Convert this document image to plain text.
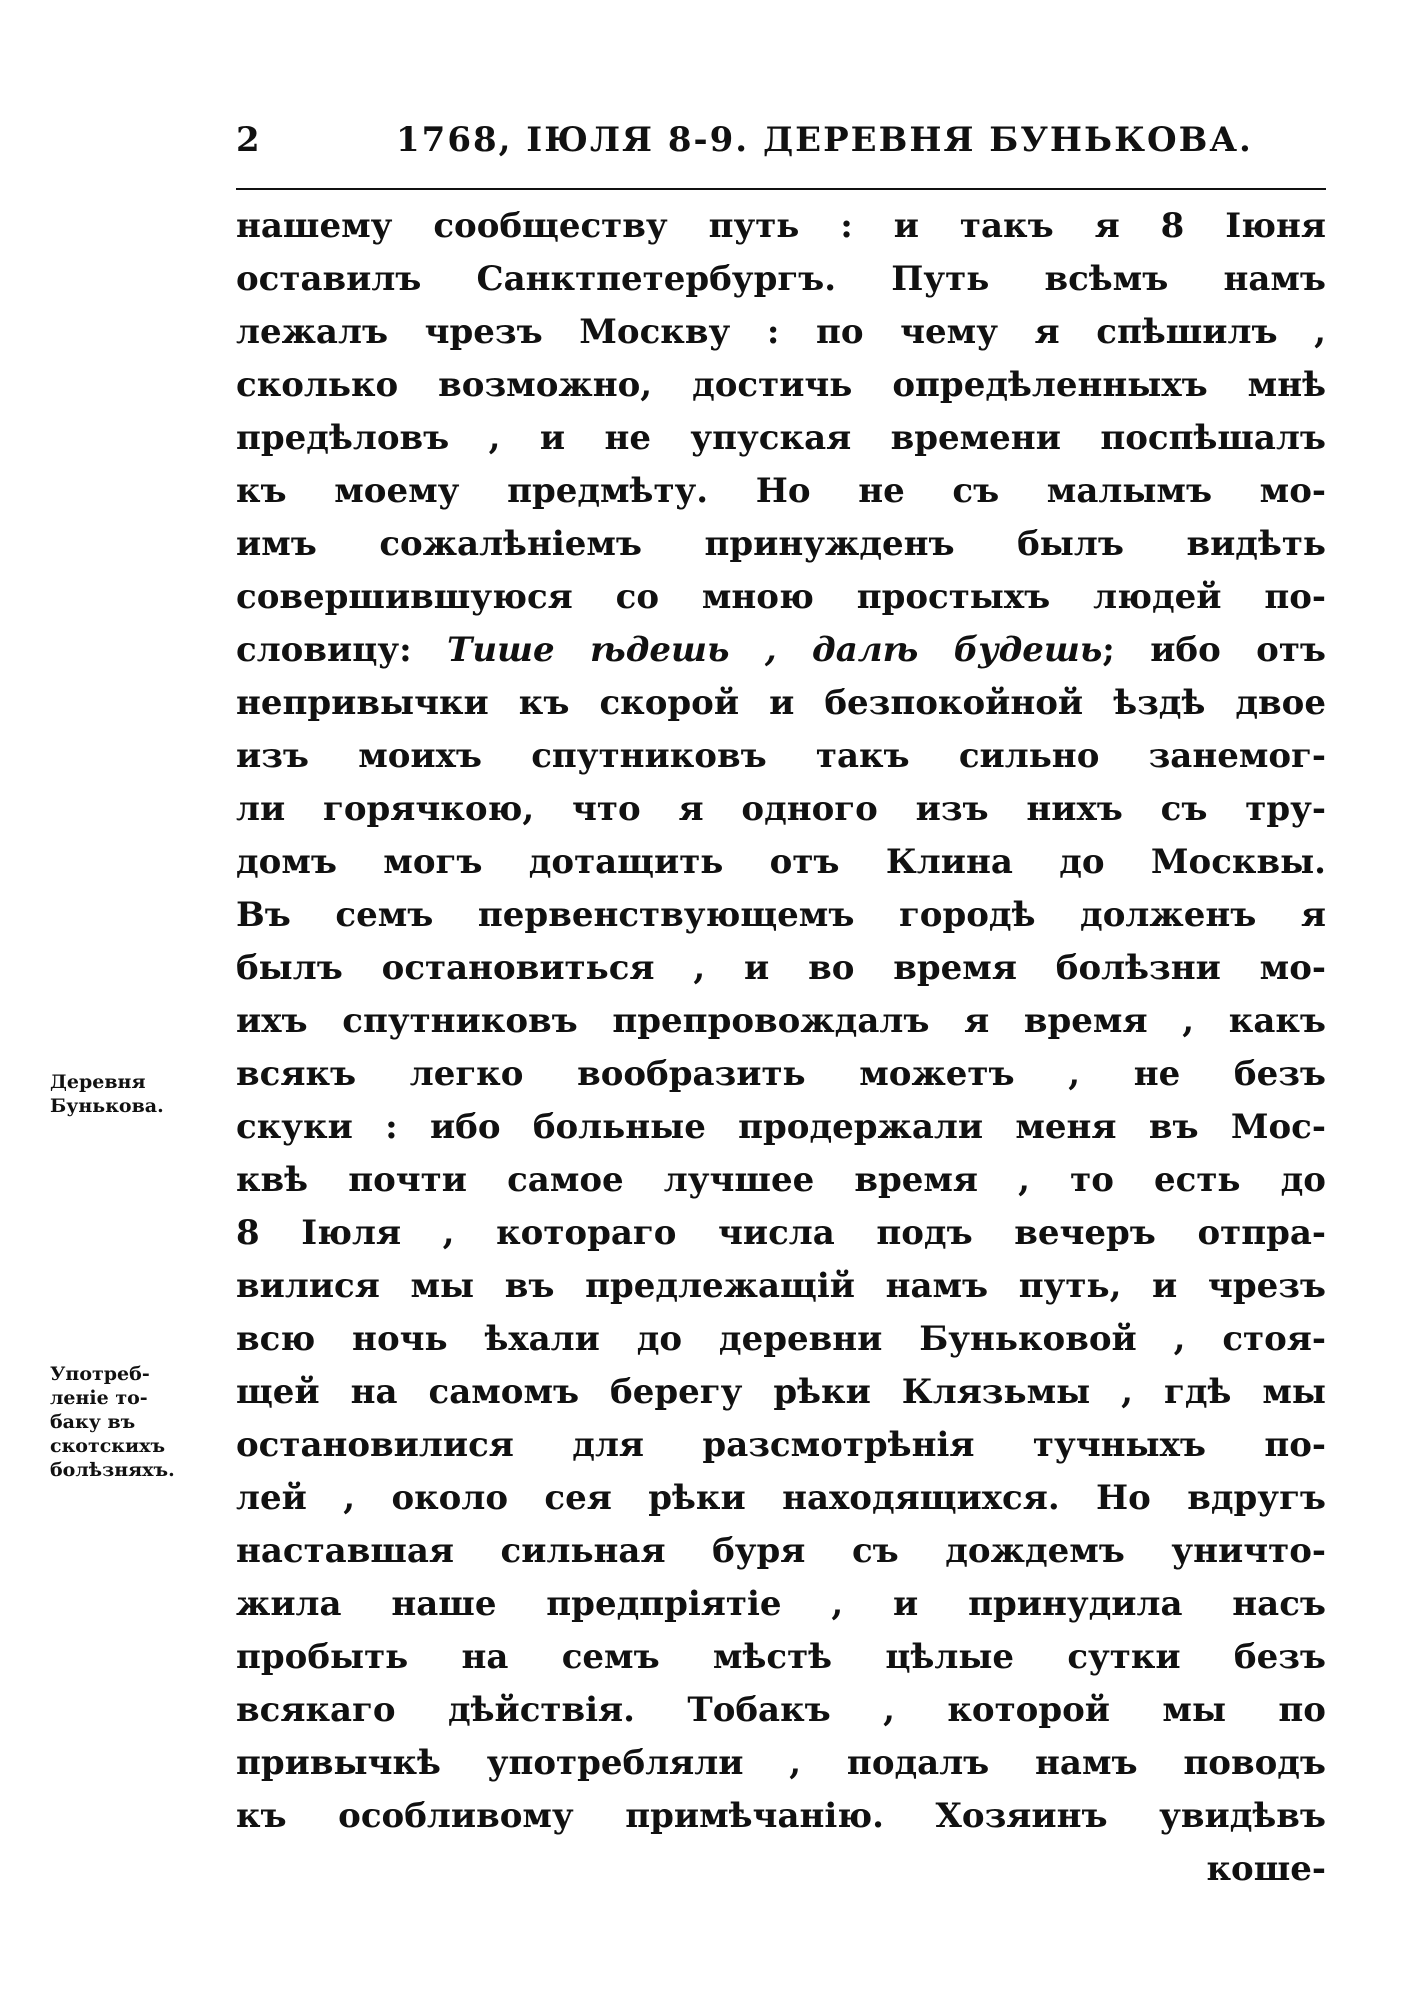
2	1768, ІЮЛЯ 8-9. ДЕРЕВНЯ БУНЬКОВА.
нашему сообществу путь : и такъ я 8 Іюня
оставилъ Санктпетербургъ. Путь всѣмъ намъ
лежалъ чрезъ Москву : по чему я спѣшилъ ,
сколько возможно, достичь опредѣленныхъ мнѣ
предѣловъ , и не упуская времени поспѣшалъ
къ моему предмѣту. Но не съ малымъ мо-
имъ сожалѣніемъ принужденъ былъ видѣть
совершившуюся со мною простыхъ людей по-
словицу: Тише ѣдешь , далѣ будешь; ибо отъ
непривычки къ скорой и безпокойной ѣздѣ двое
изъ моихъ спутниковъ такъ сильно занемог-
ли горячкою, что я одного изъ нихъ съ тру-
домъ могъ дотащить отъ Клина до Москвы.
Въ семъ первенствующемъ городѣ долженъ я
былъ остановиться , и во время болѣзни мо-
ихъ спутниковъ препровождалъ я время , какъ
всякъ легко вообразить можетъ , не безъ
скуки : ибо больные продержали меня въ Мос-
квѣ почти самое лучшее время , то есть до
8 Іюля , котораго числа подъ вечеръ отпра-
вилися мы въ предлежащій намъ путь, и чрезъ
всю ночь ѣхали до деревни Буньковой , стоя-
щей на самомъ берегу рѣки Клязьмы , гдѣ мы
остановилися для разсмотрѣнія тучныхъ по-
лей , около сея рѣки находящихся. Но вдругъ
наставшая сильная буря съ дождемъ уничто-
жила наше предпріятіе , и принудила насъ
пробыть на семъ мѣстѣ цѣлые сутки безъ
всякаго дѣйствія. Тобакъ , которой мы по
привычкѣ употребляли , подалъ намъ поводъ
къ особливому примѣчанію. Хозяинъ увидѣвъ
коше-
Деревня
Бунькова.
Употреб-
леніе то-
баку въ
скотскихъ
болѣзняхъ.
